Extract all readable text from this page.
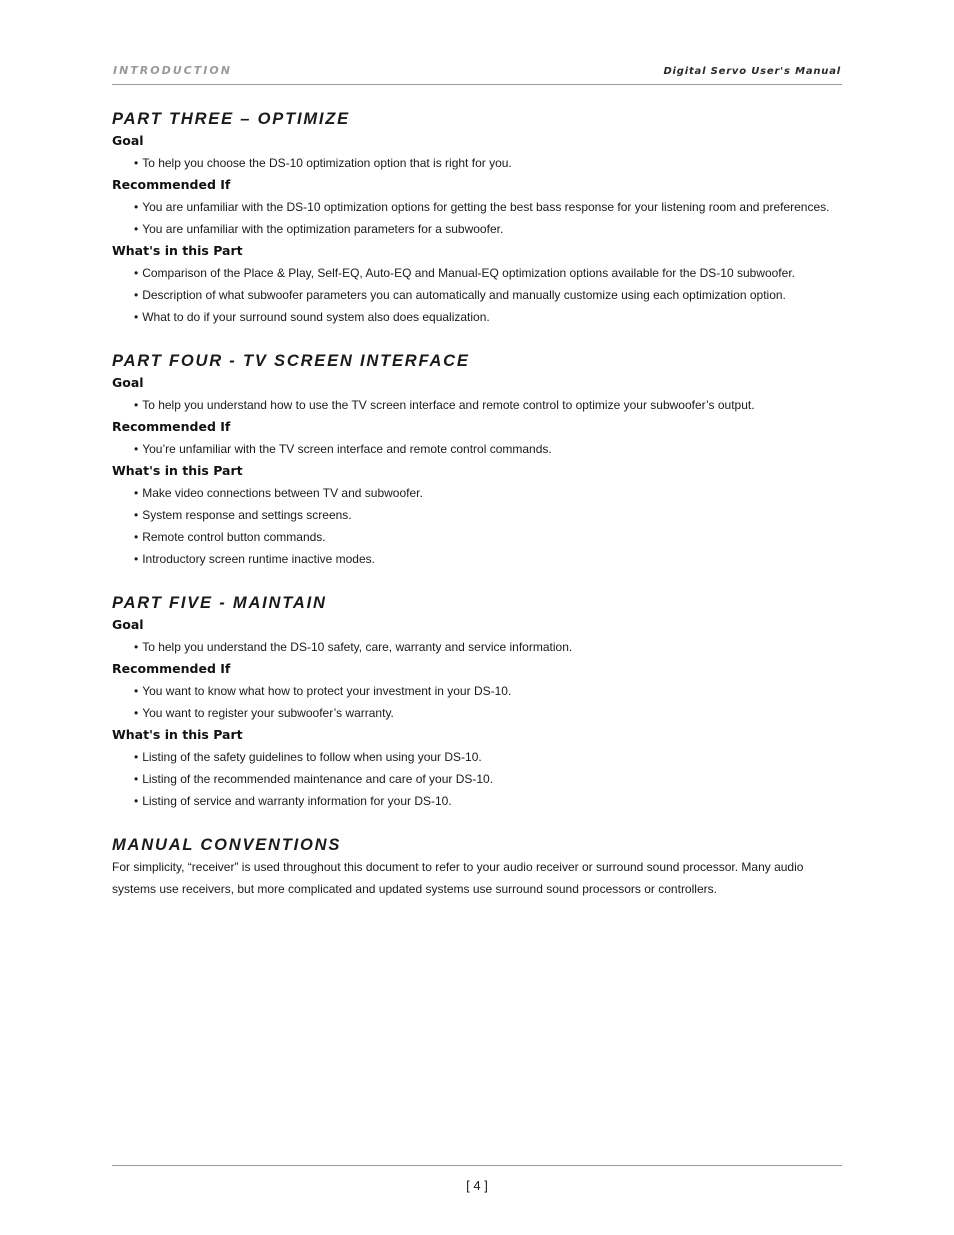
INTRODUCTION	Digital Servo User's Manual
PART THREE – OPTIMIZE
Goal
• To help you choose the DS-10 optimization option that is right for you.
Recommended If
• You are unfamiliar with the DS-10 optimization options for getting the best bass response for your listening room and preferences.
• You are unfamiliar with the optimization parameters for a subwoofer.
What's in this Part
• Comparison of the Place & Play, Self-EQ, Auto-EQ and Manual-EQ optimization options available for the DS-10 subwoofer.
• Description of what subwoofer parameters you can automatically and manually customize using each optimization option.
• What to do if your surround sound system also does equalization.
PART FOUR - TV SCREEN INTERFACE
Goal
• To help you understand how to use the TV screen interface and remote control to optimize your subwoofer’s output.
Recommended If
• You’re unfamiliar with the TV screen interface and remote control commands.
What's in this Part
• Make video connections between TV and subwoofer.
• System response and settings screens.
• Remote control button commands.
• Introductory screen runtime inactive modes.
PART FIVE - MAINTAIN
Goal
• To help you understand the DS-10 safety, care, warranty and service information.
Recommended If
• You want to know what how to protect your investment in your DS-10.
• You want to register your subwoofer’s warranty.
What's in this Part
• Listing of the safety guidelines to follow when using your DS-10.
• Listing of the recommended maintenance and care of your DS-10.
• Listing of service and warranty information for your DS-10.
MANUAL CONVENTIONS

For simplicity, “receiver” is used throughout this document to refer to your audio receiver or surround sound processor. Many audio systems use receivers, but more complicated and updated systems use surround sound processors or controllers.

[ 4 ]
